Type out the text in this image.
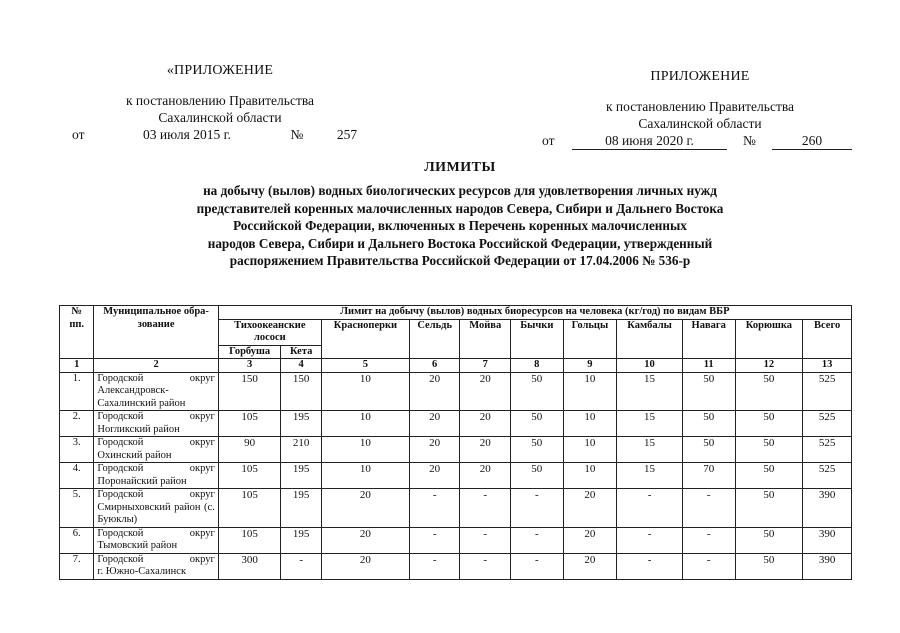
«ПРИЛОЖЕНИЕ
к постановлению Правительства
Сахалинской области
от	03 июля 2015 г.	№	257
ПРИЛОЖЕНИЕ
к постановлению Правительства
Сахалинской области
от	08 июня 2020 г.	№	260
ЛИМИТЫ
на добычу (вылов) водных биологических ресурсов для удовлетворения личных нужд
представителей коренных малочисленных народов Севера, Сибири и Дальнего Востока
Российской Федерации, включенных в Перечень коренных малочисленных
народов Севера, Сибири и Дальнего Востока Российской Федерации, утвержденный
распоряжением Правительства Российской Федерации от 17.04.2006 № 536-р
№ пп.	Муниципальное обра-зование	Лимит на добычу (вылов) водных биоресурсов на человека (кг/год) по видам ВБР										
		Тихоокеанские лососи		Красноперки	Сельдь	Мойва	Бычки	Гольцы	Камбалы	Навага	Корюшка	Всего
		Горбуша	Кета									
1	2	3	4	5	6	7	8	9	10	11	12	13
1.	Городской округ
Александровск-Сахалинский район	150	150	10	20	20	50	10	15	50	50	525
2.	Городской округ
Ногликский район	105	195	10	20	20	50	10	15	50	50	525
3.	Городской округ
Охинский район	90	210	10	20	20	50	10	15	50	50	525
4.	Городской округ
Поронайский район	105	195	10	20	20	50	10	15	70	50	525
5.	Городской округ
Смирныховский район (с. Буюклы)	105	195	20	-	-	-	20	-	-	50	390
6.	Городской округ
Тымовский район	105	195	20	-	-	-	20	-	-	50	390
7.	Городской округ
г. Южно-Сахалинск	300	-	20	-	-	-	20	-	-	50	390
